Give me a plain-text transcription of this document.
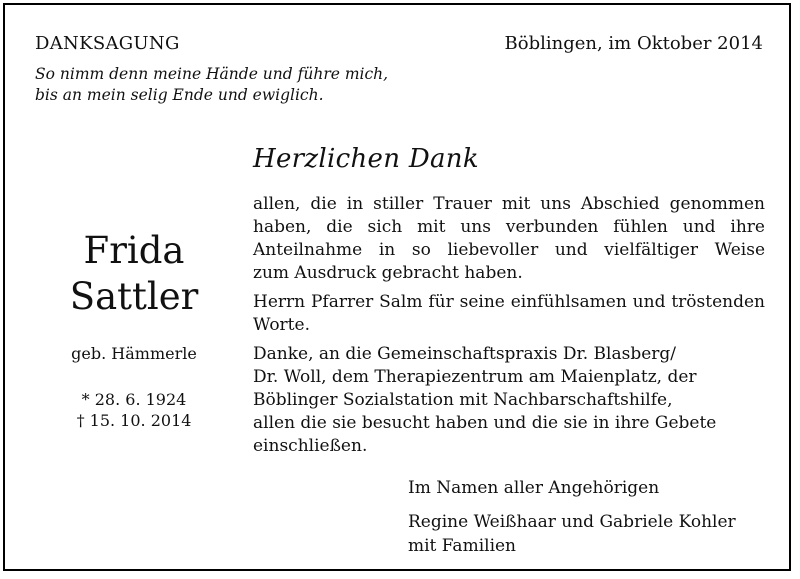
DANKSAGUNG	Böblingen, im Oktober 2014
So nimm denn meine Hände und führe mich,
bis an mein selig Ende und ewiglich.
Frida
Sattler
geb. Hämmerle
* 28. 6. 1924
† 15. 10. 2014
Herzlichen Dank

allen, die in stiller Trauer mit uns Abschied genommen
haben, die sich mit uns verbunden fühlen und ihre
Anteilnahme in so liebevoller und vielfältiger Weise
zum Ausdruck gebracht haben.

Herrn Pfarrer Salm für seine einfühlsamen und tröstenden
Worte.

Danke, an die Gemeinschaftspraxis Dr. Blasberg/
Dr. Woll, dem Therapiezentrum am Maienplatz, der
Böblinger Sozialstation mit Nachbarschaftshilfe,
allen die sie besucht haben und die sie in ihre Gebete
einschließen.

Im Namen aller Angehörigen
Regine Weißhaar und Gabriele Kohler
mit Familien
